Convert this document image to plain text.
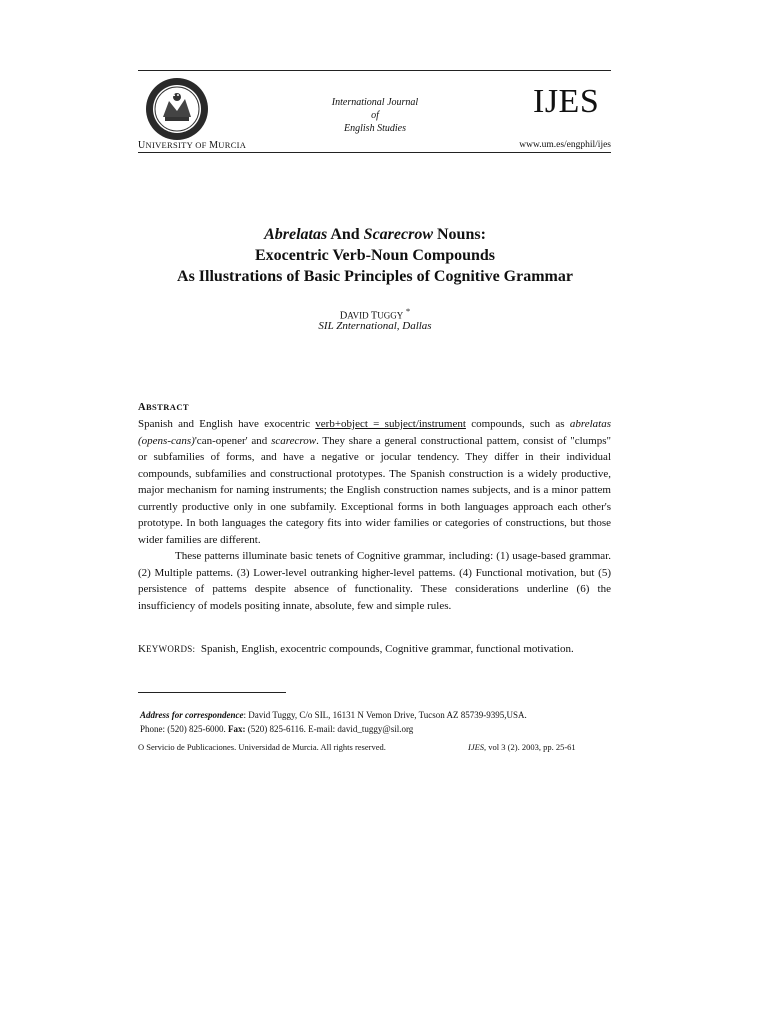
International Journal
of
English Studies
IJES
UNIVERSITY OF MURCIA	www.um.es/engphil/ijes
Abrelatas And Scarecrow Nouns:
Exocentric Verb-Noun Compounds
As Illustrations of Basic Principles of Cognitive Grammar
DAVID TUGGY *
SIL Znternational, Dallas
ABSTRACT

Spanish and English have exocentric verb+object = subject/instrument compounds, such as abrelatas (opens-cans)'can-opener' and scarecrow. They share a general constructional pattem, consist of "clumps" or subfamilies of forms, and have a negative or jocular tendency. They differ in their individual compounds, subfamilies and constructional prototypes. The Spanish construction is a widely productive, major mechanism for naming instruments; the English construction names subjects, and is a minor pattem currently productive only in one subfamily. Exceptional forms in both languages approach each other's prototype. In both languages the category fits into wider families or categories of constructions, but those wider families are different.

These patterns illuminate basic tenets of Cognitive grammar, including: (1) usage-based grammar. (2) Multiple pattems. (3) Lower-level outranking higher-level pattems. (4) Functional motivation, but (5) persistence of pattems despite absence of functionality. These considerations underline (6) the insufficiency of models positing innate, absolute, few and simple rules.

KEYWORDS: Spanish, English, exocentric compounds, Cognitive grammar, functional motivation.
Address for correspondence: David Tuggy, C/o SIL, 16131 N Vemon Drive, Tucson AZ 85739-9395,USA.
Phone: (520) 825-6000. Fax: (520) 825-6116. E-mail: david_tuggy@sil.org
O Servicio de Publicaciones. Universidad de Murcia. All rights reserved.	IJES, vol 3 (2). 2003, pp. 25-61
